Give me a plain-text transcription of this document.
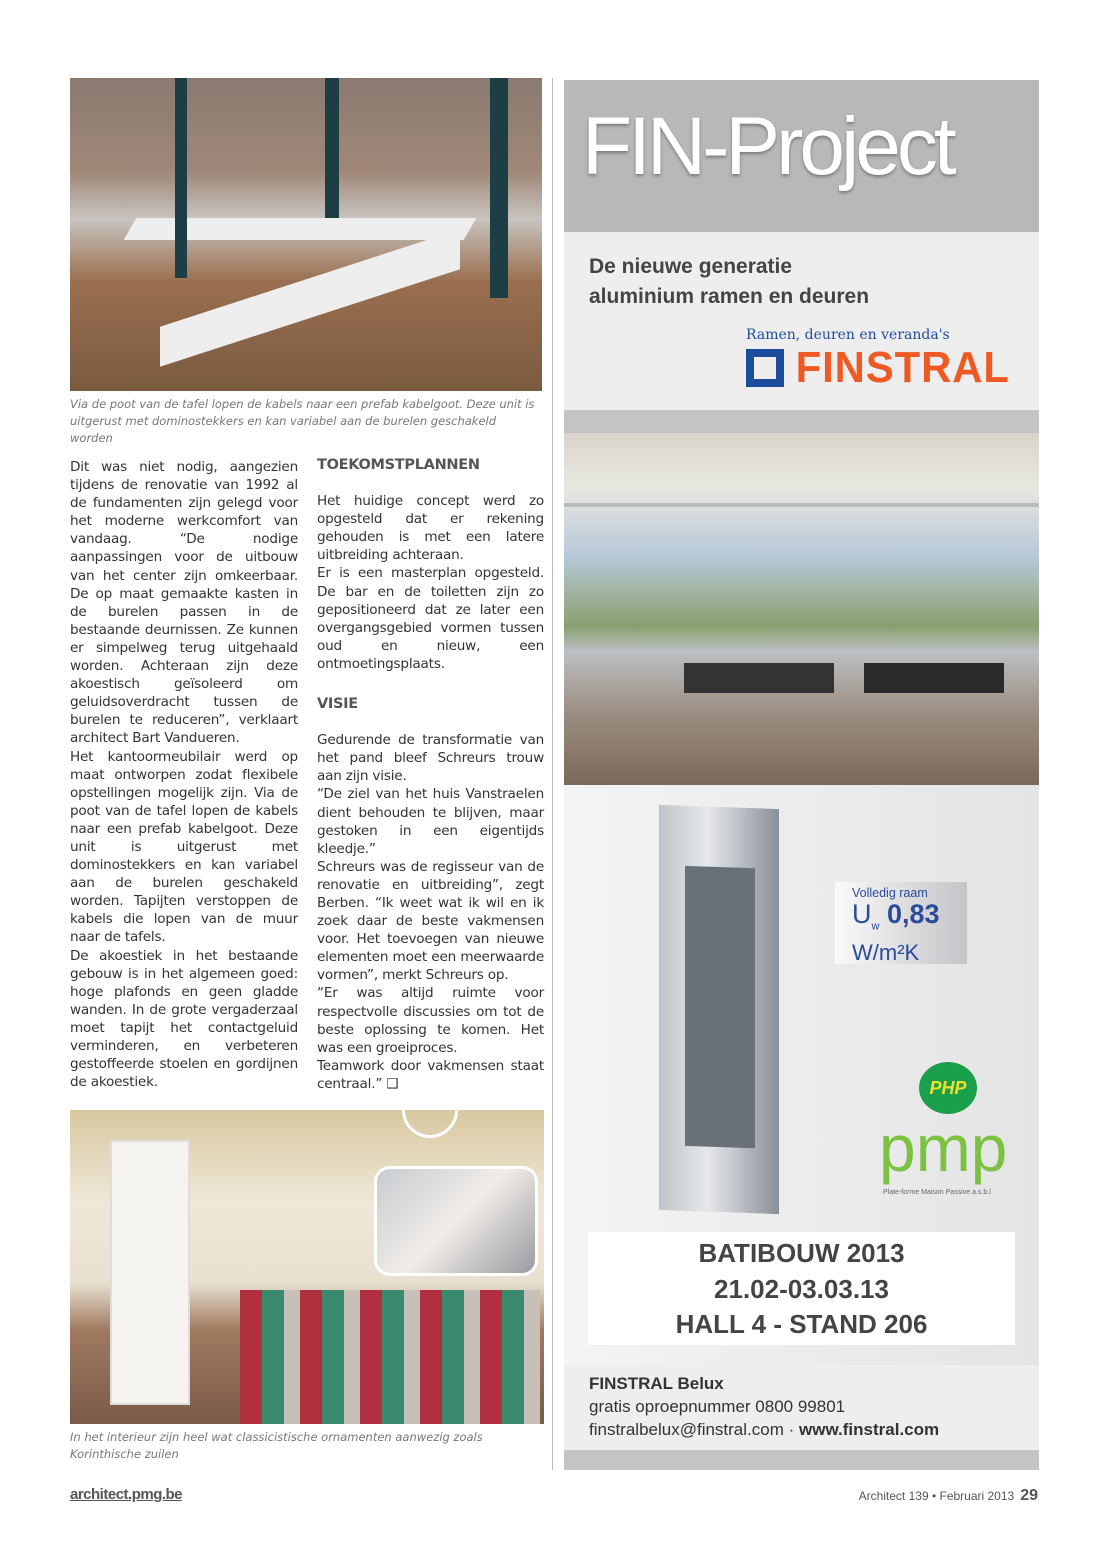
Via de poot van de tafel lopen de kabels naar een prefab kabelgoot. Deze unit is uitgerust met dominostekkers en kan variabel aan de burelen geschakeld worden

Dit was niet nodig, aangezien tijdens de renovatie van 1992 al de fundamenten zijn gelegd voor het moderne werkcomfort van vandaag. “De nodige aanpassingen voor de uitbouw van het center zijn omkeerbaar. De op maat gemaakte kasten in de burelen passen in de bestaande deurnissen. Ze kunnen er simpelweg terug uitgehaald worden. Achteraan zijn deze akoestisch geïsoleerd om geluidsoverdracht tussen de burelen te reduceren”, verklaart architect Bart Vandueren.

Het kantoormeubilair werd op maat ontworpen zodat flexibele opstellingen mogelijk zijn. Via de poot van de tafel lopen de kabels naar een prefab kabelgoot. Deze unit is uitgerust met dominostekkers en kan variabel aan de burelen geschakeld worden. Tapijten verstoppen de kabels die lopen van de muur naar de tafels.

De akoestiek in het bestaande gebouw is in het algemeen goed: hoge plafonds en geen gladde wanden. In de grote vergaderzaal moet tapijt het contactgeluid verminderen, en verbeteren gestoffeerde stoelen en gordijnen de akoestiek.

TOEKOMSTPLANNEN

Het huidige concept werd zo opgesteld dat er rekening gehouden is met een latere uitbreiding achteraan.

Er is een masterplan opgesteld. De bar en de toiletten zijn zo gepositioneerd dat ze later een overgangsgebied vormen tussen oud en nieuw, een ontmoetingsplaats.

VISIE

Gedurende de transformatie van het pand bleef Schreurs trouw aan zijn visie.

“De ziel van het huis Vanstraelen dient behouden te blijven, maar gestoken in een eigentijds kleedje.”

Schreurs was de regisseur van de renovatie en uitbreiding”, zegt Berben. “Ik weet wat ik wil en ik zoek daar de beste vakmensen voor. Het toevoegen van nieuwe elementen moet een meerwaarde vormen”, merkt Schreurs op.

“Er was altijd ruimte voor respectvolle discussies om tot de beste oplossing te komen. Het was een groeiproces.

Teamwork door vakmensen staat centraal.” ❑

In het interieur zijn heel wat classicistische ornamenten aanwezig zoals Korinthische zuilen
FIN-Project
De nieuwe generatie
aluminium ramen en deuren
Ramen, deuren en veranda's
FINSTRAL
Volledig raam
$U_w$ 0,83
W/m²K
PHP
pmp
Plate-forme Maison Passive a.s.b.l
BATIBOUW 2013
21.02-03.03.13
HALL 4 - STAND 206
FINSTRAL Belux
gratis oproepnummer 0800 99801
finstralbelux@finstral.com · www.finstral.com
architect.pmg.be	Architect 139 • Februari 2013 29
